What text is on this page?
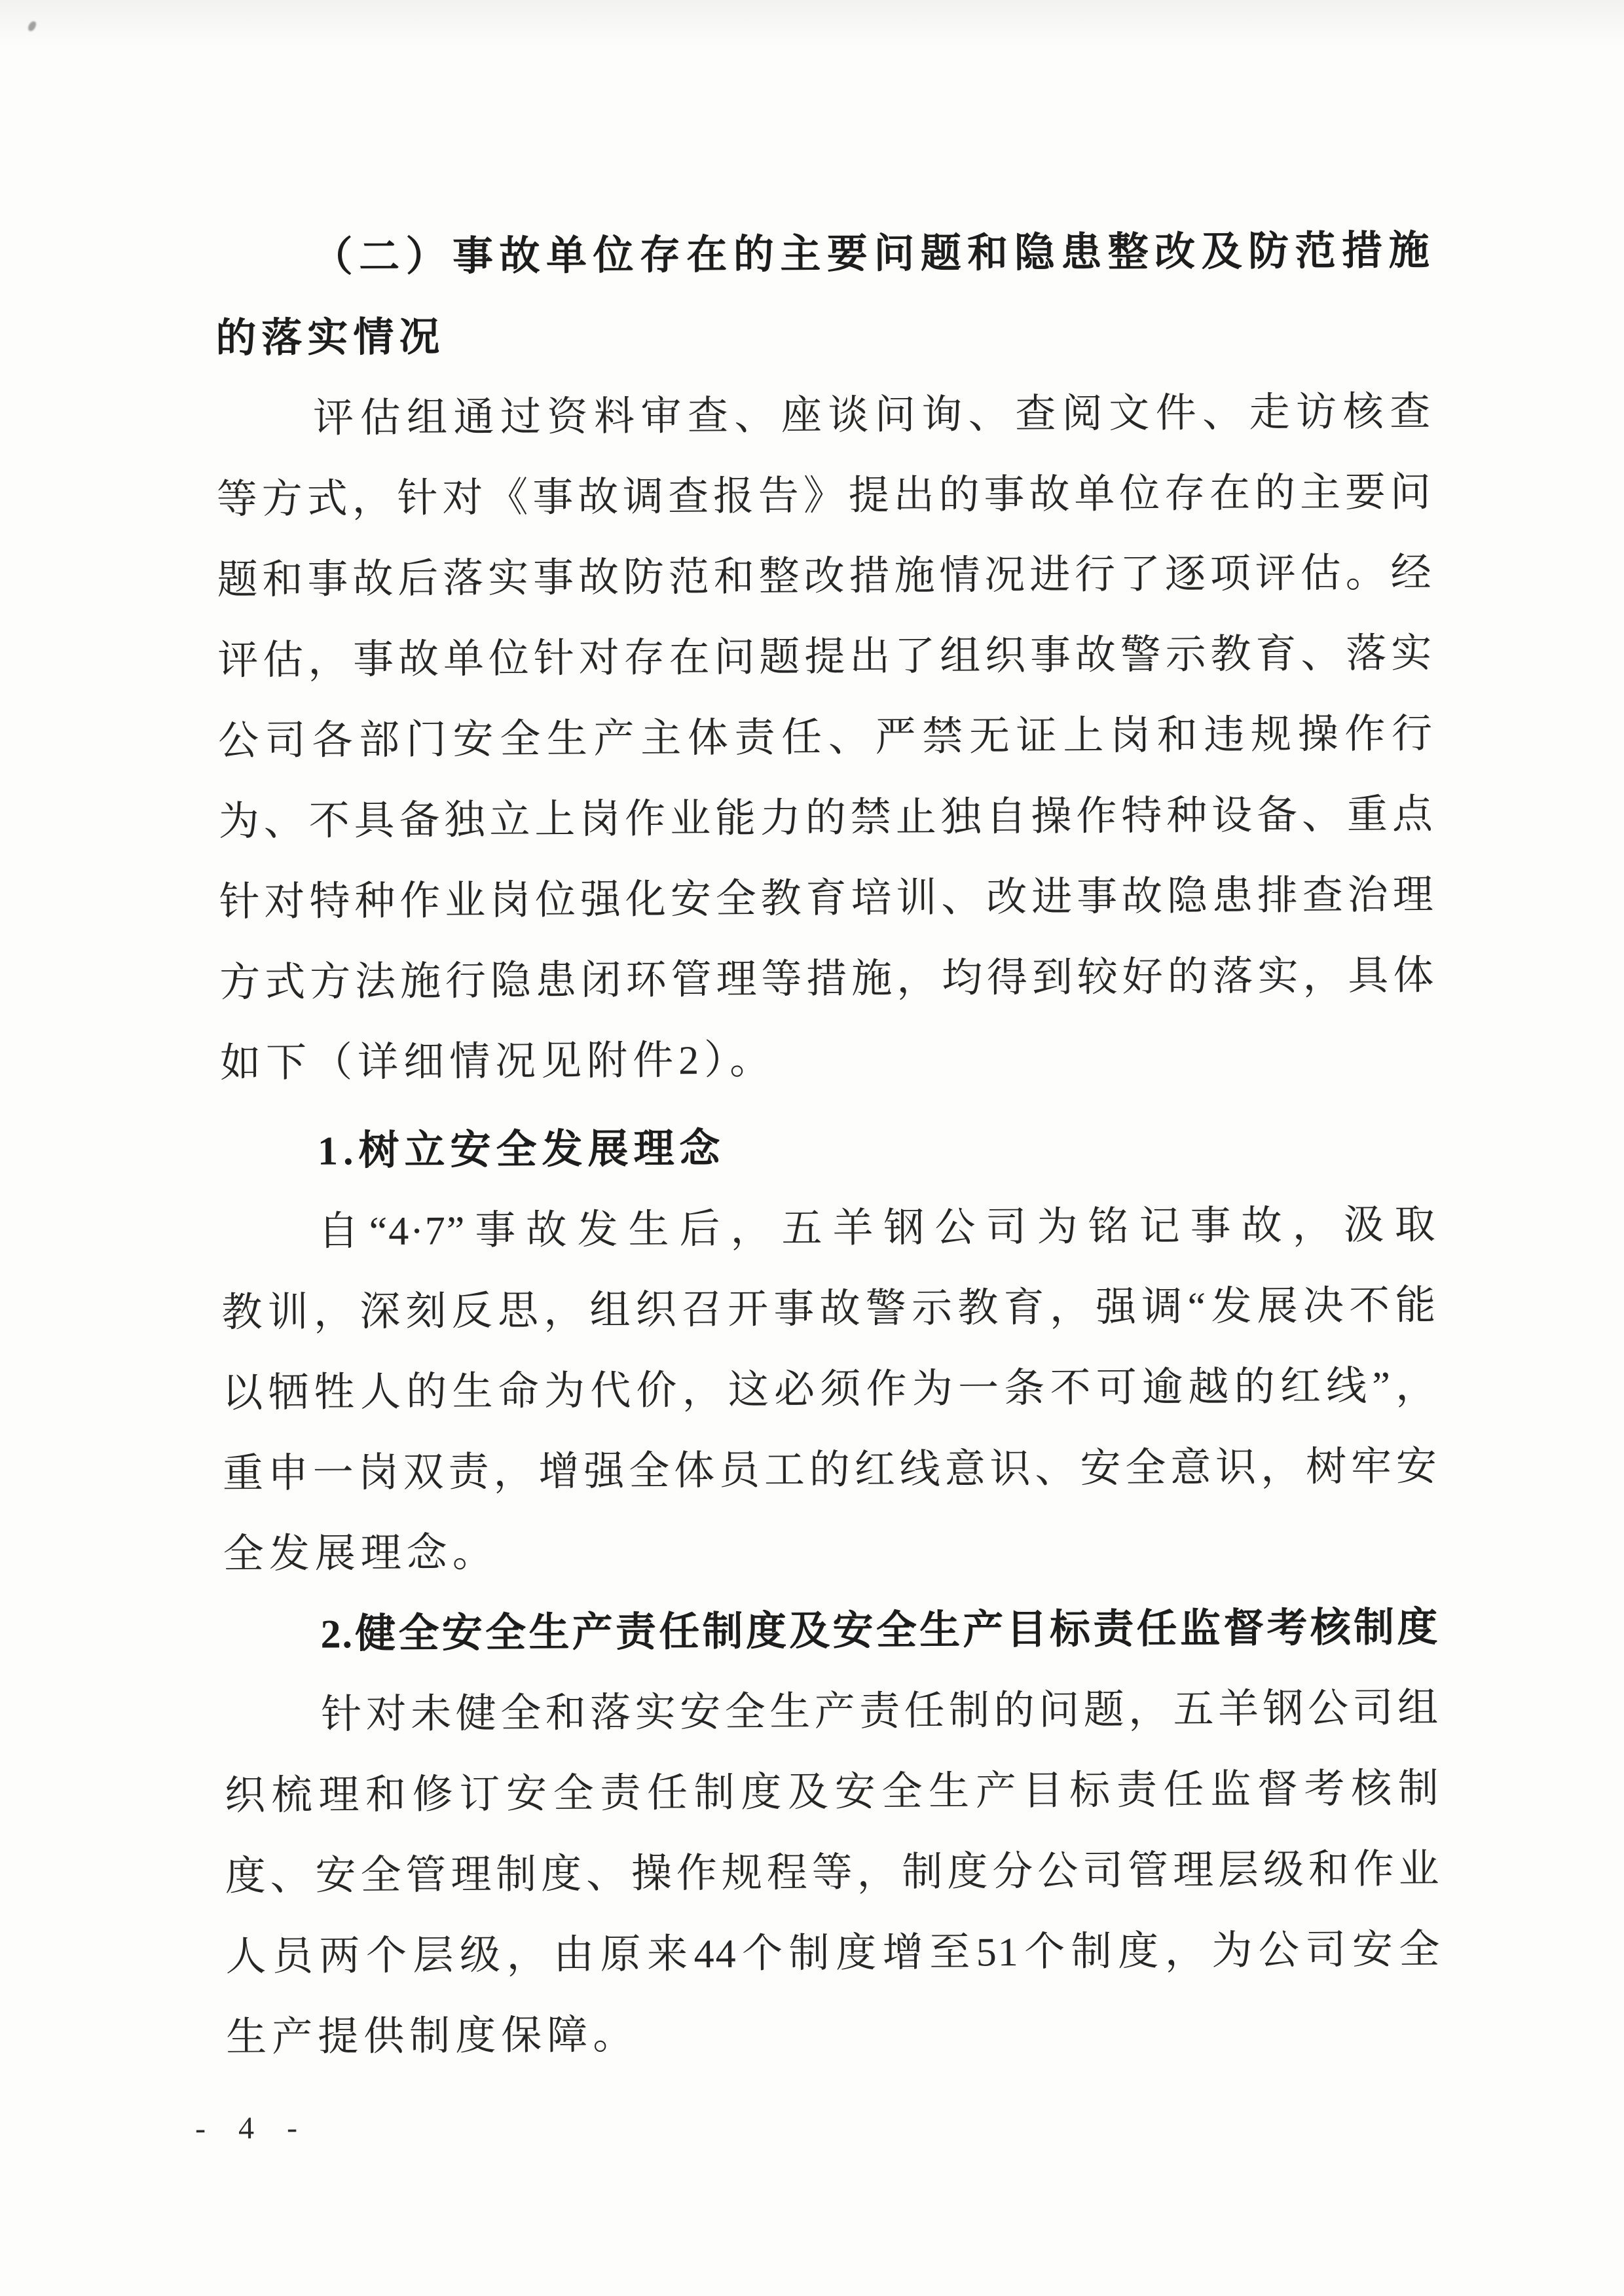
（二）事故单位存在的主要问题和隐患整改及防范措施
的落实情况
评估组通过资料审查、座谈问询、查阅文件、走访核查
等方式，针对《事故调查报告》提出的事故单位存在的主要问
题和事故后落实事故防范和整改措施情况进行了逐项评估。经
评估，事故单位针对存在问题提出了组织事故警示教育、落实
公司各部门安全生产主体责任、严禁无证上岗和违规操作行
为、不具备独立上岗作业能力的禁止独自操作特种设备、重点
针对特种作业岗位强化安全教育培训、改进事故隐患排查治理
方式方法施行隐患闭环管理等措施，均得到较好的落实，具体
如下（详细情况见附件2）。
1.树立安全发展理念
自“4·7”事故发生后，五羊钢公司为铭记事故，汲取
教训，深刻反思，组织召开事故警示教育，强调“发展决不能
以牺牲人的生命为代价，这必须作为一条不可逾越的红线”，
重申一岗双责，增强全体员工的红线意识、安全意识，树牢安
全发展理念。
2.健全安全生产责任制度及安全生产目标责任监督考核制度
针对未健全和落实安全生产责任制的问题，五羊钢公司组
织梳理和修订安全责任制度及安全生产目标责任监督考核制
度、安全管理制度、操作规程等，制度分公司管理层级和作业
人员两个层级，由原来44个制度增至51个制度，为公司安全
生产提供制度保障。
- 4 -
